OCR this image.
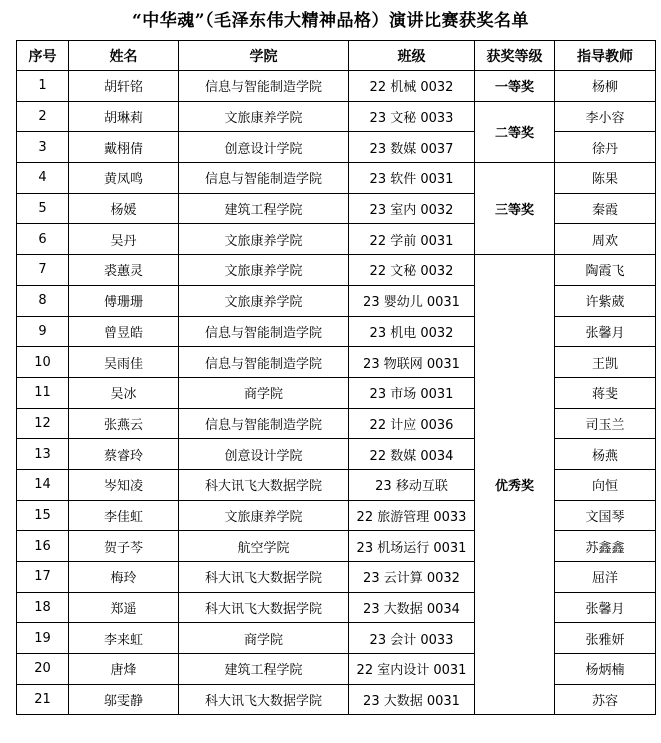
“中华魂”（毛泽东伟大精神品格）演讲比赛获奖名单
序号	姓名	学院	班级	获奖等级	指导教师
1	胡轩铭	信息与智能制造学院	22 机械 0032	一等奖	杨柳
2	胡琳莉	文旅康养学院	23 文秘 0033	二等奖	李小容
3	戴栩倩	创意设计学院	23 数媒 0037		徐丹
4	黄凤鸣	信息与智能制造学院	23 软件 0031	三等奖	陈果
5	杨媛	建筑工程学院	23 室内 0032		秦霞
6	吴丹	文旅康养学院	22 学前 0031		周欢
7	裘蕙灵	文旅康养学院	22 文秘 0032	优秀奖	陶霞飞
8	傅珊珊	文旅康养学院	23 婴幼儿 0031		许紫葳
9	曾昱皓	信息与智能制造学院	23 机电 0032		张馨月
10	吴雨佳	信息与智能制造学院	23 物联网 0031		王凯
11	吴冰	商学院	23 市场 0031		蒋斐
12	张燕云	信息与智能制造学院	22 计应 0036		司玉兰
13	蔡睿玲	创意设计学院	22 数媒 0034		杨燕
14	岑知凌	科大讯飞大数据学院	23 移动互联		向恒
15	李佳虹	文旅康养学院	22 旅游管理 0033		文国琴
16	贺子芩	航空学院	23 机场运行 0031		苏鑫鑫
17	梅玲	科大讯飞大数据学院	23 云计算 0032		屈洋
18	郑遥	科大讯飞大数据学院	23 大数据 0034		张馨月
19	李来虹	商学院	23 会计 0033		张雅妍
20	唐烽	建筑工程学院	22 室内设计 0031		杨炳楠
21	邬雯静	科大讯飞大数据学院	23 大数据 0031		苏容
